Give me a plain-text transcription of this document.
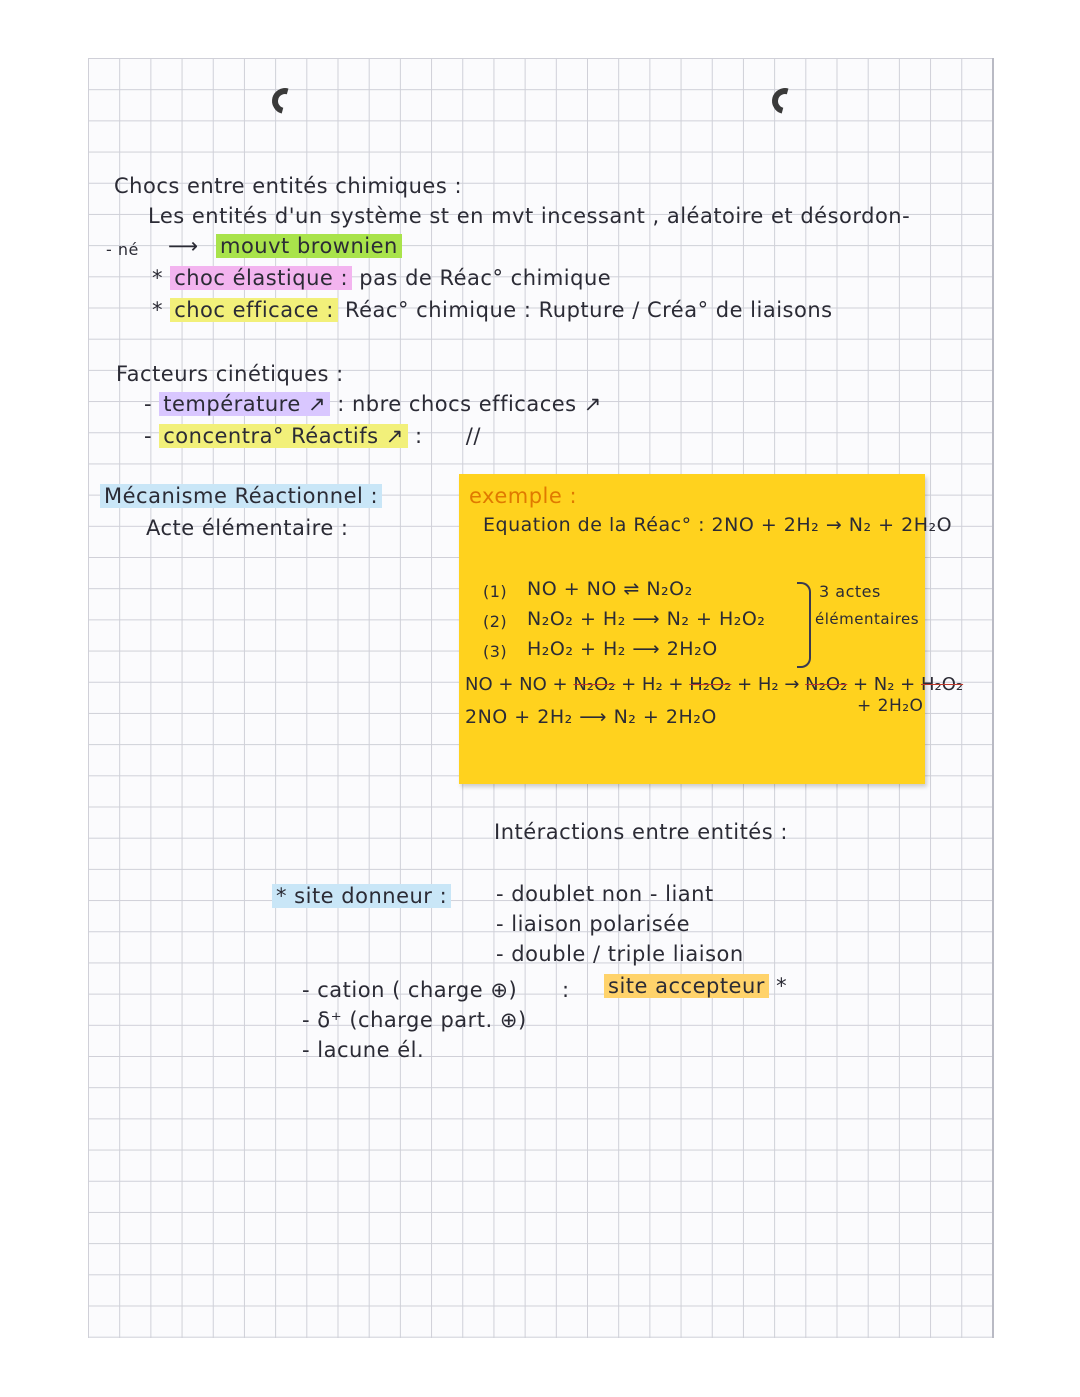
Chocs entre entités chimiques :
Les entités d'un système st en mvt incessant , aléatoire et désordon-
- né ⟶ mouvt brownien
* choc élastique : pas de Réac° chimique
* choc efficace : Réac° chimique : Rupture / Créa° de liaisons
Facteurs cinétiques :
- température ↗ : nbre chocs efficaces ↗
- concentra° Réactifs ↗ : //
Mécanisme Réactionnel :
Acte élémentaire :
exemple :
Equation de la Réac° : 2NO + 2H₂ → N₂ + 2H₂O
(1) NO + NO ⇌ N₂O₂
(2) N₂O₂ + H₂ ⟶ N₂ + H₂O₂
(3) H₂O₂ + H₂ ⟶ 2H₂O
3 actes
élémentaires
NO + NO + N₂O₂ + H₂ + H₂O₂ + H₂ → N₂O₂ + N₂ + H₂O₂
+ 2H₂O
2NO + 2H₂ ⟶ N₂ + 2H₂O
Intéractions entre entités :
* site donneur : - doublet non - liant
- liaison polarisée
- double / triple liaison
- cation ( charge ⊕) : site accepteur *
- δ⁺ (charge part. ⊕)
- lacune él.
